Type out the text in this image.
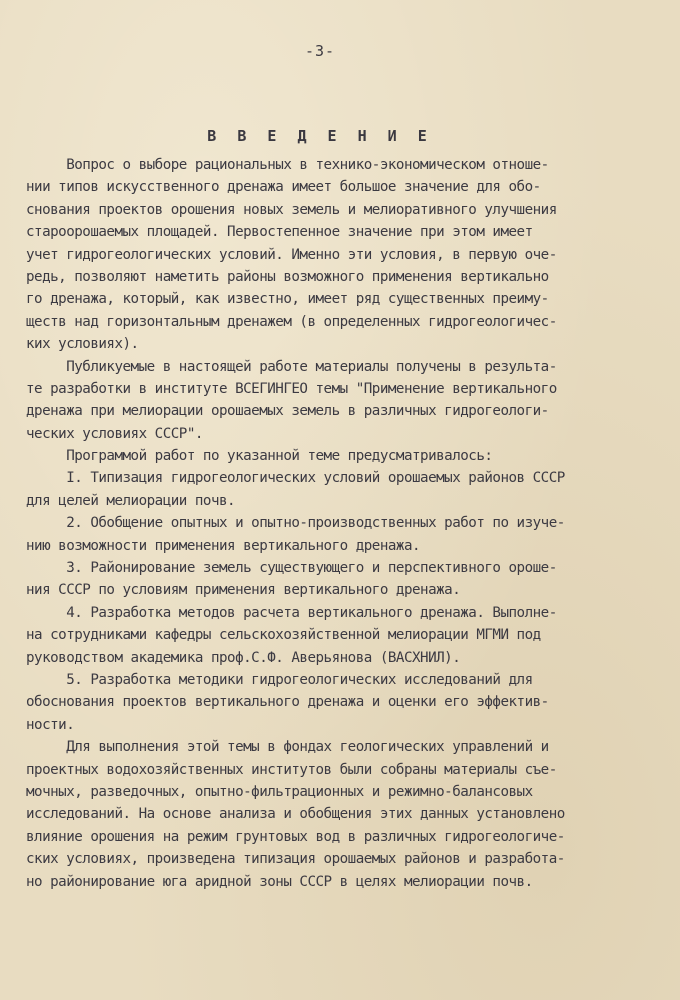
-3-
В В Е Д Е Н И Е
Вопрос о выборе рациональных в технико-экономическом отноше-
нии типов искусственного дренажа имеет большое значение для обо-
снования проектов орошения новых земель и мелиоративного улучшения
староорошаемых площадей. Первостепенное значение при этом имеет
учет гидрогеологических условий. Именно эти условия, в первую оче-
редь, позволяют наметить районы возможного применения вертикально
го дренажа, который, как известно, имеет ряд существенных преиму-
ществ над горизонтальным дренажем (в определенных гидрогеологичес-
ких условиях).
Публикуемые в настоящей работе материалы получены в результа-
те разработки в институте ВСЕГИНГЕО темы "Применение вертикального
дренажа при мелиорации орошаемых земель в различных гидрогеологи-
ческих условиях СССР".
Программой работ по указанной теме предусматривалось:
I. Типизация гидрогеологических условий орошаемых районов СССР
для целей мелиорации почв.
2. Обобщение опытных и опытно-производственных работ по изуче-
нию возможности применения вертикального дренажа.
3. Районирование земель существующего и перспективного ороше-
ния СССР по условиям применения вертикального дренажа.
4. Разработка методов расчета вертикального дренажа. Выполне-
на сотрудниками кафедры сельскохозяйственной мелиорации МГМИ под
руководством академика проф.С.Ф. Аверьянова (ВАСХНИЛ).
5. Разработка методики гидрогеологических исследований для
обоснования проектов вертикального дренажа и оценки его эффектив-
ности.
Для выполнения этой темы в фондах геологических управлений и
проектных водохозяйственных институтов были собраны материалы съе-
мочных, разведочных, опытно-фильтрационных и режимно-балансовых
исследований. На основе анализа и обобщения этих данных установлено
влияние орошения на режим грунтовых вод в различных гидрогеологиче-
ских условиях, произведена типизация орошаемых районов и разработа-
но районирование юга аридной зоны СССР в целях мелиорации почв.
